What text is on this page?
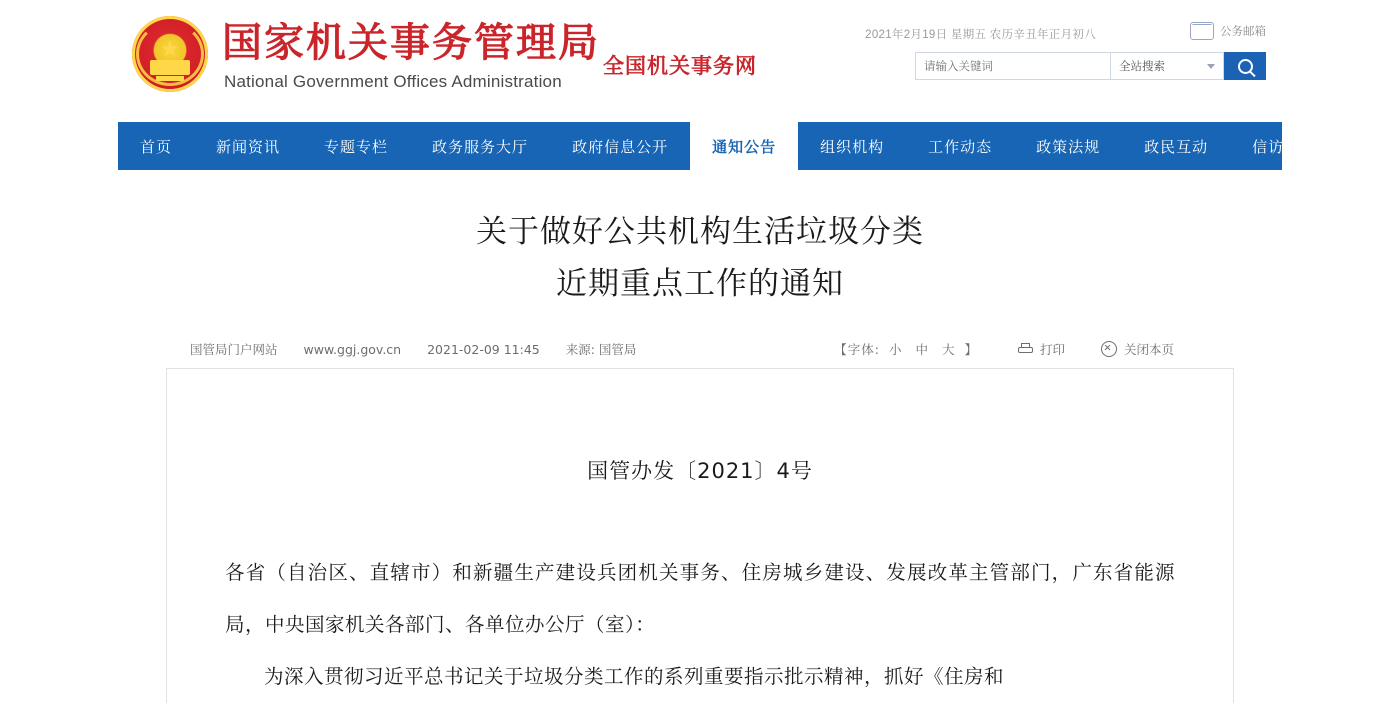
★ 国家机关事务管理局
National Government Offices Administration
全国机关事务网
2021年2月19日 星期五 农历辛丑年正月初八	公务邮箱
请输入关键词
全站搜索
首页	新闻资讯	专题专栏	政务服务大厅	政府信息公开	通知公告	组织机构	工作动态	政策法规	政民互动	信访举报
关于做好公共机构生活垃圾分类
近期重点工作的通知
国管局门户网站 www.ggj.gov.cn 2021-02-09 11:45 来源: 国管局	【字体: 小 中 大 】	打印	关闭本页
国管办发〔2021〕4号

各省（自治区、直辖市）和新疆生产建设兵团机关事务、住房城乡建设、发展改革主管部门，广东省能源局，中央国家机关各部门、各单位办公厅（室）：

为深入贯彻习近平总书记关于垃圾分类工作的系列重要指示批示精神，抓好《住房和
